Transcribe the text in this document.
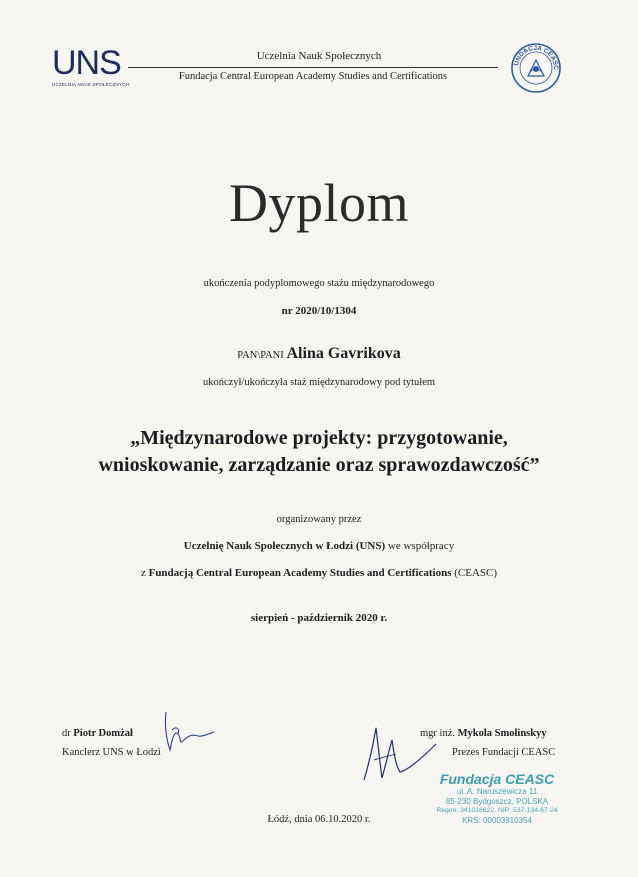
UNS
UCZELNIA NAUK SPOŁECZNYCH
Uczelnia Nauk Społecznych
Fundacja Central European Academy Studies and Certifications
UNDACJA CEASC
Dyplom
ukończenia podyplomowego stażu międzynarodowego
nr 2020/10/1304
PAN\PANI Alina Gavrikova
ukończył/ukończyła staż międzynarodowy pod tytułem
„Międzynarodowe projekty: przygotowanie,
wnioskowanie, zarządzanie oraz sprawozdawczość”
organizowany przez
Uczelnię Nauk Społecznych w Łodzi (UNS) we współpracy
z Fundacją Central European Academy Studies and Certifications (CEASC)
sierpień - październik 2020 r.
dr Piotr Domżał
Kanclerz UNS w Łodzi
mgr inż. Mykola Smolinskyy
Prezes Fundacji CEASC
Fundacja CEASC
ul. A. Naruszewicza 11
85-230 Bydgoszcz, POLSKA
Regon: 341016622, NIP: 537-134-67-24
KRS: 00003910354
Łódź, dnia 06.10.2020 r.
